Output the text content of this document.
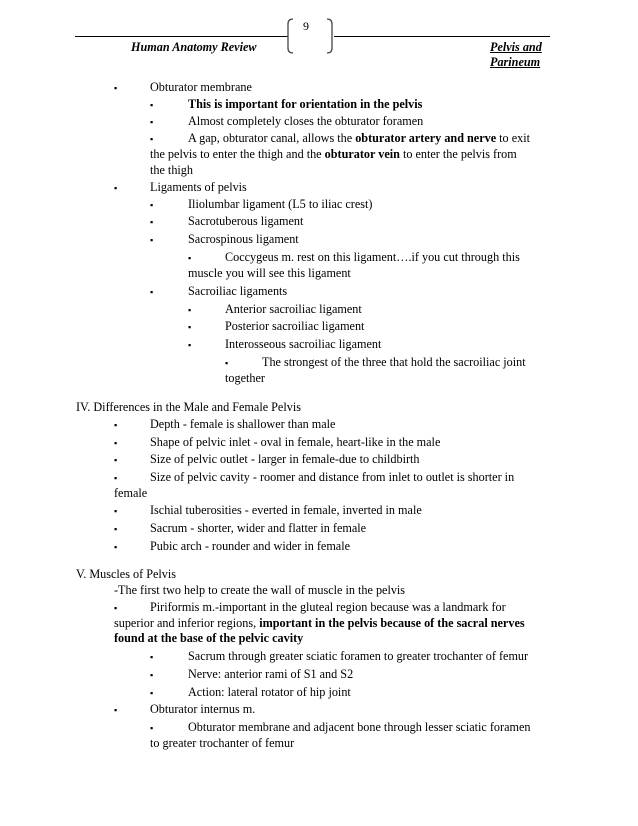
9
Human Anatomy Review	Pelvis and
Parineum
▪	Obturator membrane
▪	This is important for orientation in the pelvis
▪	Almost completely closes the obturator foramen
▪	A gap, obturator canal, allows the obturator artery and nerve to exit
the pelvis to enter the thigh and the obturator vein to enter the pelvis from
the thigh
▪	Ligaments of pelvis
▪	Iliolumbar ligament (L5 to iliac crest)
▪	Sacrotuberous ligament
▪	Sacrospinous ligament
▪	Coccygeus m. rest on this ligament….if you cut through this
muscle you will see this ligament
▪	Sacroiliac ligaments
▪	Anterior sacroiliac ligament
▪	Posterior sacroiliac ligament
▪	Interosseous sacroiliac ligament
▪	The strongest of the three that hold the sacroiliac joint
together
IV. Differences in the Male and Female Pelvis
▪	Depth - female is shallower than male
▪	Shape of pelvic inlet - oval in female, heart-like in the male
▪	Size of pelvic outlet - larger in female-due to childbirth
▪	Size of pelvic cavity - roomer and distance from inlet to outlet is shorter in
female
▪	Ischial tuberosities - everted in female, inverted in male
▪	Sacrum - shorter, wider and flatter in female
▪	Pubic arch - rounder and wider in female
V. Muscles of Pelvis
-The first two help to create the wall of muscle in the pelvis
▪	Piriformis m.-important in the gluteal region because was a landmark for
superior and inferior regions, important in the pelvis because of the sacral nerves
found at the base of the pelvic cavity
▪	Sacrum through greater sciatic foramen to greater trochanter of femur
▪	Nerve: anterior rami of S1 and S2
▪	Action: lateral rotator of hip joint
▪	Obturator internus m.
▪	Obturator membrane and adjacent bone through lesser sciatic foramen
to greater trochanter of femur
